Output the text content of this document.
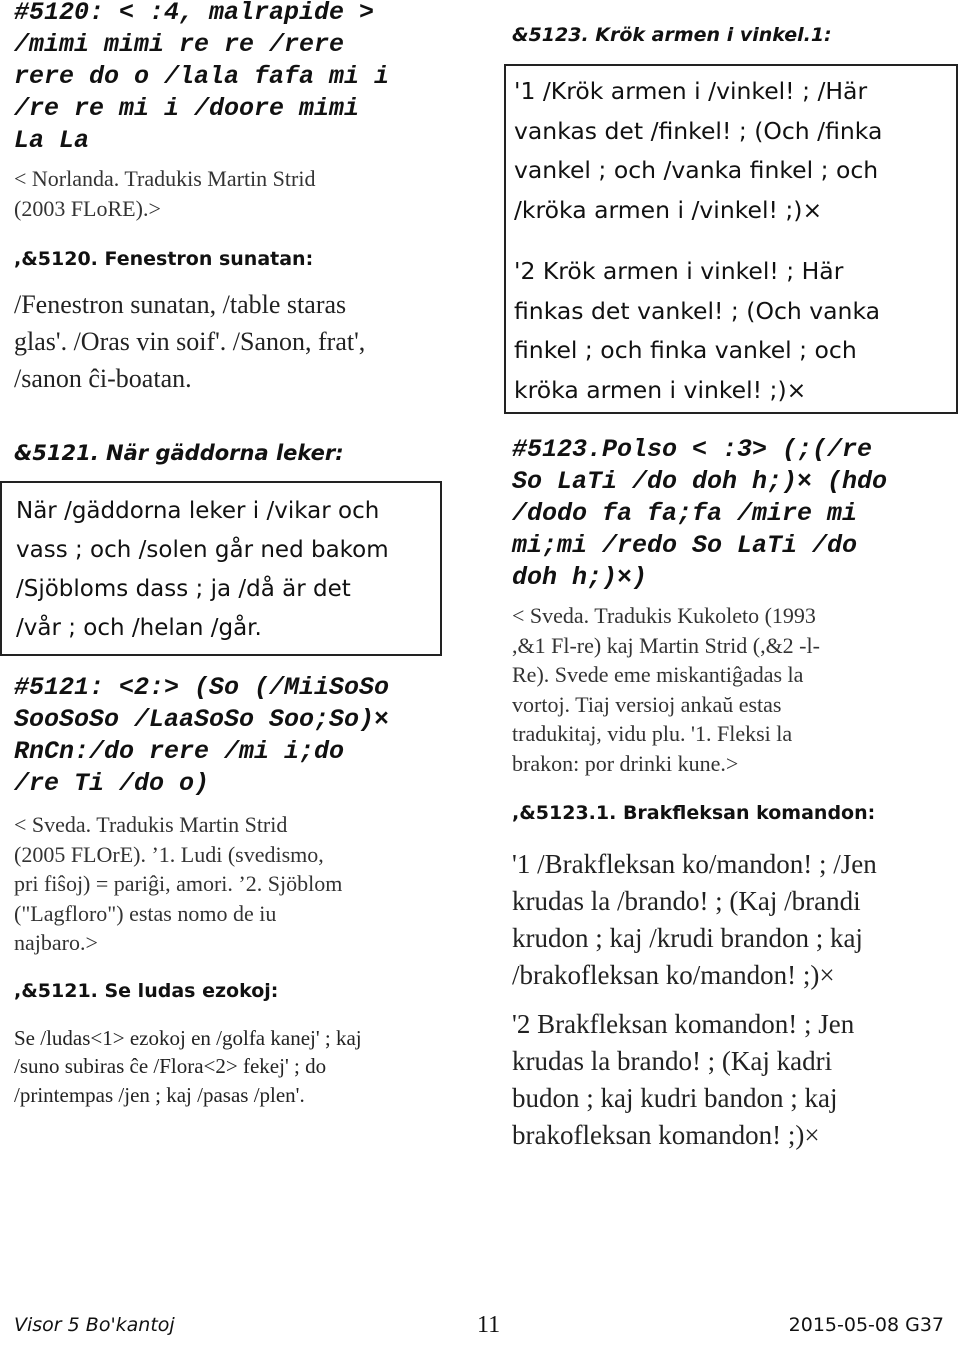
#5120: < :4, malrapide >

/mimi mimi re re /rere

rere do o /lala fafa mi i

/re re mi i /doore mimi

La La

< Norlanda. Tradukis Martin Strid
(2003 FLoRE).>

,&5120. Fenestron sunatan:

/Fenestron sunatan, /table staras
glas'. /Oras vin soif'. /Sanon, frat',
/sanon ĉi-boatan.

&5121. När gäddorna leker:

När /gäddorna leker i /vikar och
vass ; och /solen går ned bakom
/Sjöbloms dass ; ja /då är det
/vår ; och /helan /går.

#5121: <2:> (So (/MiiSoSo

SooSoSo /LaaSoSo Soo;So)×

RnCn:/do rere /mi i;do

/re Ti /do o)

< Sveda. Tradukis Martin Strid
(2005 FLOrE). ’1. Ludi (svedismo,
pri fiŝoj) = pariĝi, amori. ’2. Sjöblom
("Lagfloro") estas nomo de iu
najbaro.>

,&5121. Se ludas ezokoj:

Se /ludas<1> ezokoj en /golfa kanej' ; kaj
/suno subiras ĉe /Flora<2> fekej' ; do
/printempas /jen ; kaj /pasas /plen'.

&5123. Krök armen i vinkel.1:

'1 /Krök armen i /vinkel! ; /Här
vankas det /finkel! ; (Och /finka
vankel ; och /vanka finkel ; och
/kröka armen i /vinkel! ;)×
'2 Krök armen i vinkel! ; Här
finkas det vankel! ; (Och vanka
finkel ; och finka vankel ; och
kröka armen i vinkel! ;)×

#5123.Polso < :3> (;(/re

So LaTi /do doh h;)× (hdo

/dodo fa fa;fa /mire mi

mi;mi /redo So LaTi /do

doh h;)×)

< Sveda. Tradukis Kukoleto (1993
,&1 Fl-re) kaj Martin Strid (,&2 -l-
Re). Svede eme miskantiĝadas la
vortoj. Tiaj versioj ankaŭ estas
tradukitaj, vidu plu. '1. Fleksi la
brakon: por drinki kune.>

,&5123.1. Brakfleksan komandon:

'1 /Brakfleksan ko/mandon! ; /Jen
krudas la /brando! ; (Kaj /brandi
krudon ; kaj /krudi brandon ; kaj
/brakofleksan ko/mandon! ;)×
'2 Brakfleksan komandon! ; Jen
krudas la brando! ; (Kaj kadri
budon ; kaj kudri bandon ; kaj
brakofleksan komandon! ;)×
Visor 5 Bo'kantoj	11	2015-05-08 G37
